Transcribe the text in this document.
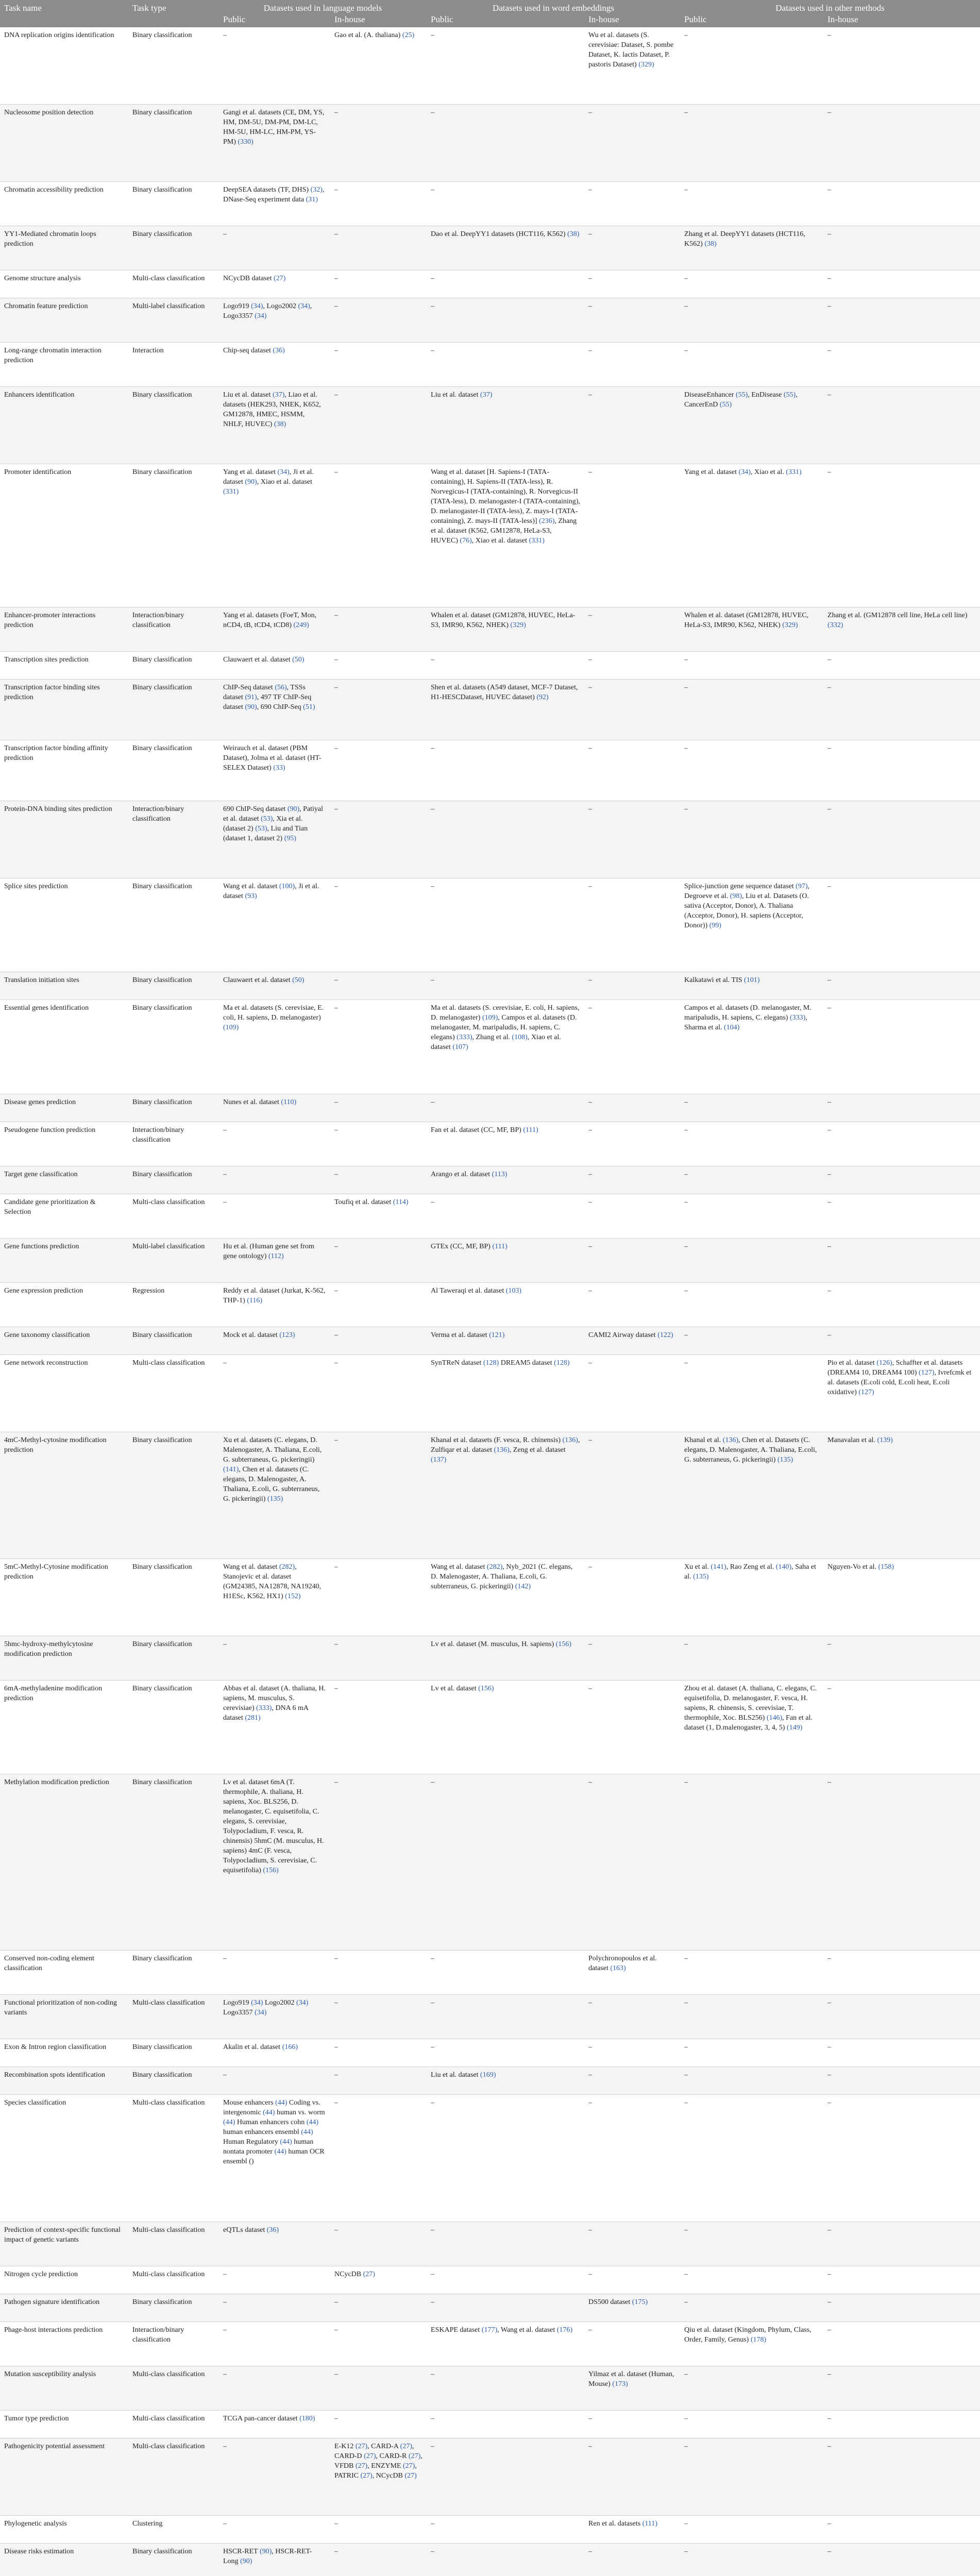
Task name	Task type	Datasets used in language models		Datasets used in word embeddings		Datasets used in other methods	
		Public	In-house	Public	In-house	Public	In-house
DNA replication origins identification	Binary classification	–	Gao et al. (A. thaliana) (25)	–	Wu et al. datasets (S. cerevisiae: Dataset, S. pombe Dataset, K. lactis Dataset, P. pastoris Dataset) (329)	–	–
Nucleosome position detection	Binary classification	Gangi et al. datasets (CE, DM, YS, HM, DM-5U, DM-PM, DM-LC, HM-5U, HM-LC, HM-PM, YS-PM) (330)	–	–	–	–	–
Chromatin accessibility prediction	Binary classification	DeepSEA datasets (TF, DHS) (32), DNase-Seq experiment data (31)	–	–	–	–	–
YY1-Mediated chromatin loops prediction	Binary classification	–	–	Dao et al. DeepYY1 datasets (HCT116, K562) (38)	–	Zhang et al. DeepYY1 datasets (HCT116, K562) (38)	–
Genome structure analysis	Multi-class classification	NCycDB dataset (27)	–	–	–	–	–
Chromatin feature prediction	Multi-label classification	Logo919 (34), Logo2002 (34), Logo3357 (34)	–	–	–	–	–
Long-range chromatin interaction prediction	Interaction	Chip-seq dataset (36)	–	–	–	–	–
Enhancers identification	Binary classification	Liu et al. dataset (37), Liao et al. datasets (HEK293, NHEK, K652, GM12878, HMEC, HSMM, NHLF, HUVEC) (38)	–	Liu et al. dataset (37)	–	DiseaseEnhancer (55), EnDisease (55), CancerEnD (55)	–
Promoter identification	Binary classification	Yang et al. dataset (34), Ji et al. dataset (90), Xiao et al. dataset (331)	–	Wang et al. dataset [H. Sapiens-I (TATA-containing), H. Sapiens-II (TATA-less), R. Norvegicus-I (TATA-containing), R. Norvegicus-II (TATA-less), D. melanogaster-I (TATA-containing), D. melanogaster-II (TATA-less), Z. mays-I (TATA-containing), Z. mays-II (TATA-less)] (236), Zhang et al. dataset (K562, GM12878, HeLa-S3, HUVEC) (76), Xiao et al. dataset (331)	–	Yang et al. dataset (34), Xiao et al. (331)	–
Enhancer-promoter interactions prediction	Interaction/binary classification	Yang et al. datasets (FoeT, Mon, nCD4, tB, tCD4, tCD8) (249)	–	Whalen et al. dataset (GM12878, HUVEC, HeLa-S3, IMR90, K562, NHEK) (329)	–	Whalen et al. dataset (GM12878, HUVEC, HeLa-S3, IMR90, K562, NHEK) (329)	Zhang et al. (GM12878 cell line, HeLa cell line) (332)
Transcription sites prediction	Binary classification	Clauwaert et al. dataset (50)	–	–	–	–	–
Transcription factor binding sites prediction	Binary classification	ChIP-Seq dataset (56), TSSs dataset (91), 497 TF ChIP-Seq dataset (90), 690 ChIP-Seq (51)	–	Shen et al. datasets (A549 dataset, MCF-7 Dataset, H1-HESCDataset, HUVEC dataset) (92)	–	–	–
Transcription factor binding affinity prediction	Binary classification	Weirauch et al. dataset (PBM Dataset), Jolma et al. dataset (HT-SELEX Dataset) (33)	–	–	–	–	–
Protein-DNA binding sites prediction	Interaction/binary classification	690 ChIP-Seq dataset (90), Patiyal et al. dataset (53), Xia et al. (dataset 2) (53), Liu and Tian (dataset 1, dataset 2) (95)	–	–	–	–	–
Splice sites prediction	Binary classification	Wang et al. dataset (100), Ji et al. dataset (93)	–	–	–	Splice-junction gene sequence dataset (97), Degroeve et al. (98), Liu et al. Datasets (O. sativa (Acceptor, Donor), A. Thaliana (Acceptor, Donor), H. sapiens (Acceptor, Donor)) (99)	–
Translation initiation sites	Binary classification	Clauwaert et al. dataset (50)	–	–	–	Kalkatawi et al. TIS (101)	–
Essential genes identification	Binary classification	Ma et al. datasets (S. cerevisiae, E. coli, H. sapiens, D. melanogaster) (109)	–	Ma et al. datasets (S. cerevisiae, E. coli, H. sapiens, D. melanogaster) (109), Campos et al. datasets (D. melanogaster, M. maripaludis, H. sapiens, C. elegans) (333), Zhang et al. (108), Xiao et al. dataset (107)	–	Campos et al. datasets (D. melanogaster, M. maripaludis, H. sapiens, C. elegans) (333), Sharma et al. (104)	–
Disease genes prediction	Binary classification	Nunes et al. dataset (110)	–	–	–	–	–
Pseudogene function prediction	Interaction/binary classification	–	–	Fan et al. dataset (CC, MF, BP) (111)	–	–	–
Target gene classification	Binary classification	–	–	Arango et al. dataset (113)	–	–	–
Candidate gene prioritization & Selection	Multi-class classification	–	Toufiq et al. dataset (114)	–	–	–	–
Gene functions prediction	Multi-label classification	Hu et al. (Human gene set from gene ontology) (112)	–	GTEx (CC, MF, BP) (111)	–	–	–
Gene expression prediction	Regression	Reddy et al. dataset (Jurkat, K-562, THP-1) (116)	–	Al Taweraqi et al. dataset (103)	–	–	–
Gene taxonomy classification	Binary classification	Mock et al. dataset (123)	–	Verma et al. dataset (121)	CAMI2 Airway dataset (122)	–	–
Gene network reconstruction	Multi-class classification	–	–	SynTReN dataset (128) DREAM5 dataset (128)	–	–	Pio et al. dataset (126), Schaffter et al. datasets (DREAM4 10, DREAM4 100) (127), Ivrefcmk et al. datasets (E.coli cold, E.coli heat, E.coli oxidative) (127)
4mC-Methyl-cytosine modification prediction	Binary classification	Xu et al. datasets (C. elegans, D. Malenogaster, A. Thaliana, E.coli, G. subterraneus, G. pickeringii) (141), Chen et al. datasets (C. elegans, D. Malenogaster, A. Thaliana, E.coli, G. subterraneus, G. pickeringii) (135)	–	Khanal et al. datasets (F. vesca, R. chinensis) (136), Zulfiqar et al. dataset (136), Zeng et al. dataset (137)	–	Khanal et al. (136), Chen et al. Datasets (C. elegans, D. Malenogaster, A. Thaliana, E.coli, G. subterraneus, G. pickeringii) (135)	Manavalan et al. (139)
5mC-Methyl-Cytosine modification prediction	Binary classification	Wang et al. dataset (282), Stanojevic et al. dataset (GM24385, NA12878, NA19240, H1ESc, K562, HX1) (152)	–	Wang et al. dataset (282), Nyb_2021 (C. elegans, D. Malenogaster, A. Thaliana, E.coli, G. subterraneus, G. pickeringii) (142)	–	Xu et al. (141), Rao Zeng et al. (140), Saha et al. (135)	Nguyen-Vo et al. (158)
5hmc-hydroxy-methylcytosine modification prediction	Binary classification	–	–	Lv et al. dataset (M. musculus, H. sapiens) (156)	–	–	–
6mA-methyladenine modification prediction	Binary classification	Abbas et al. dataset (A. thaliana, H. sapiens, M. musculus, S. cerevisiae) (333), DNA 6 mA dataset (281)	–	Lv et al. dataset (156)	–	Zhou et al. dataset (A. thaliana, C. elegans, C. equisetifolia, D. melanogaster, F. vesca, H. sapiens, R. chinensis, S. cerevisiae, T. thermophile, Xoc. BLS256) (146), Fan et al. dataset (1, D.malenogaster, 3, 4, 5) (149)	–
Methylation modification prediction	Binary classification	Lv et al. dataset 6mA (T. thermophile, A. thaliana, H. sapiens, Xoc. BLS256, D. melanogaster, C. equisetifolia, C. elegans, S. cerevisiae, Tolypocladium, F. vesca, R. chinensis) 5hmC (M. musculus, H. sapiens) 4mC (F. vesca, Tolypocladium, S. cerevisiae, C. equisetifolia) (156)	–	–	–	–	–
Conserved non-coding element classification	Binary classification	–	–	–	Polychronopoulos et al. dataset (163)	–	–
Functional prioritization of non-coding variants	Multi-class classification	Logo919 (34) Logo2002 (34) Logo3357 (34)	–	–	–	–	–
Exon & Intron region classification	Binary classification	Akalin et al. dataset (166)	–	–	–	–	–
Recombination spots identification	Binary classification	–	–	Liu et al. dataset (169)	–	–	–
Species classification	Multi-class classification	Mouse enhancers (44) Coding vs. intergenomic (44) human vs. worm (44) Human enhancers cohn (44) human enhancers ensembl (44) Human Regulatory (44) human nontata promoter (44) human OCR ensembl ()	–	–	–	–	–
Prediction of context-specific functional impact of genetic variants	Multi-class classification	eQTLs dataset (36)	–	–	–	–	–
Nitrogen cycle prediction	Multi-class classification	–	NCycDB (27)	–	–	–	–
Pathogen signature identification	Binary classification	–	–	–	DS500 dataset (175)	–	–
Phage-host interactions prediction	Interaction/binary classification	–	–	ESKAPE dataset (177), Wang et al. dataset (176)	–	Qiu et al. dataset (Kingdom, Phylum, Class, Order, Family, Genus) (178)	–
Mutation susceptibility analysis	Multi-class classification	–	–	–	Yilmaz et al. dataset (Human, Mouse) (173)	–	–
Tumor type prediction	Multi-class classification	TCGA pan-cancer dataset (180)	–	–	–	–	–
Pathogenicity potential assessment	Multi-class classification	–	E-K12 (27), CARD-A (27), CARD-D (27), CARD-R (27), VFDB (27), ENZYME (27), PATRIC (27), NCycDB (27)	–	–	–	–
Phylogenetic analysis	Clustering	–	–	–	Ren et al. datasets (111)	–	–
Disease risks estimation	Binary classification	HSCR-RET (90), HSCR-RET-Long (90)	–	–	–	–	–
